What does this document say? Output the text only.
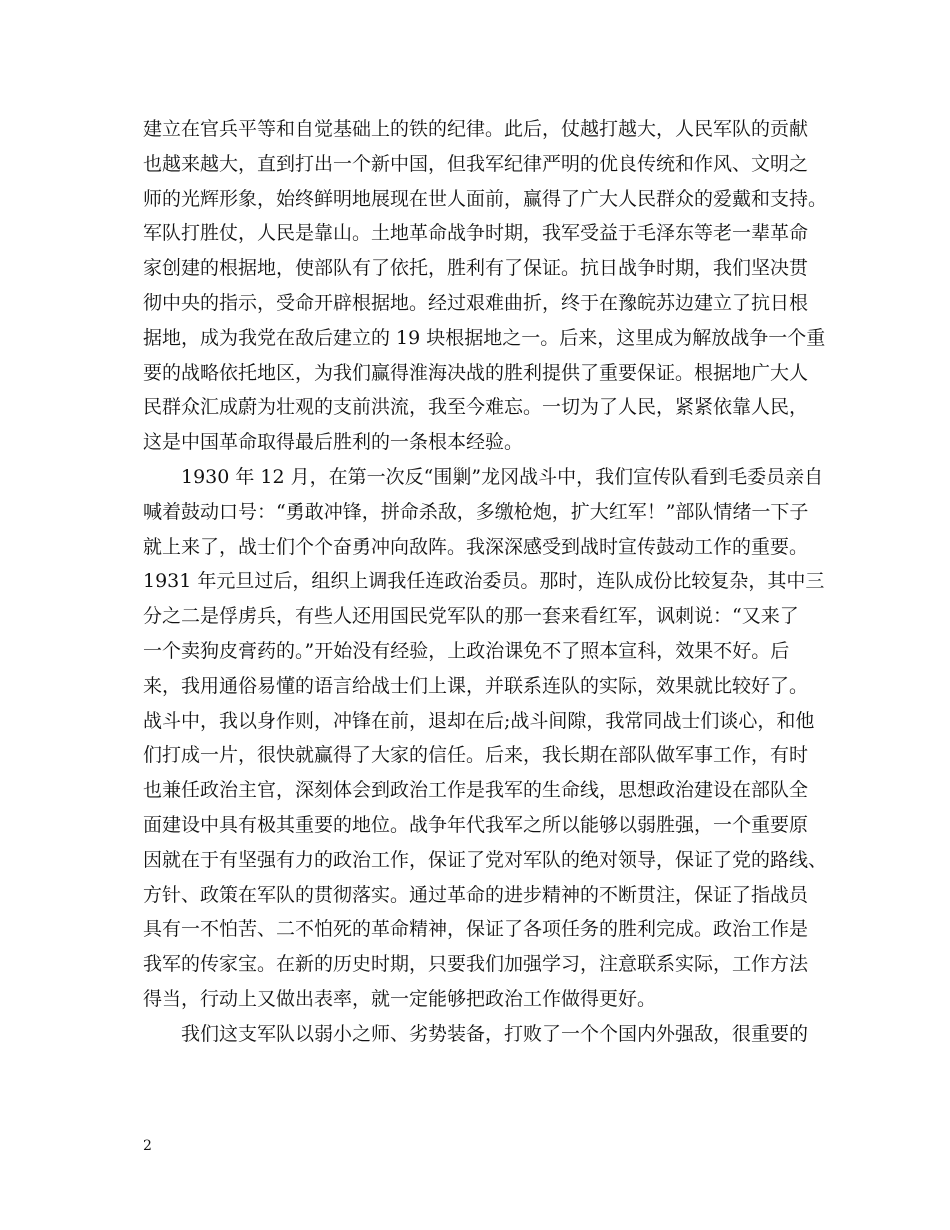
建立在官兵平等和自觉基础上的铁的纪律。此后，仗越打越大，人民军队的贡献
也越来越大，直到打出一个新中国，但我军纪律严明的优良传统和作风、文明之
师的光辉形象，始终鲜明地展现在世人面前，赢得了广大人民群众的爱戴和支持。
军队打胜仗，人民是靠山。土地革命战争时期，我军受益于毛泽东等老一辈革命
家创建的根据地，使部队有了依托，胜利有了保证。抗日战争时期，我们坚决贯
彻中央的指示，受命开辟根据地。经过艰难曲折，终于在豫皖苏边建立了抗日根
据地，成为我党在敌后建立的 19 块根据地之一。后来，这里成为解放战争一个重
要的战略依托地区，为我们赢得淮海决战的胜利提供了重要保证。根据地广大人
民群众汇成蔚为壮观的支前洪流，我至今难忘。一切为了人民，紧紧依靠人民，
这是中国革命取得最后胜利的一条根本经验。
1930 年 12 月，在第一次反“围剿”龙冈战斗中，我们宣传队看到毛委员亲自
喊着鼓动口号：“勇敢冲锋，拼命杀敌，多缴枪炮，扩大红军！”部队情绪一下子
就上来了，战士们个个奋勇冲向敌阵。我深深感受到战时宣传鼓动工作的重要。
1931 年元旦过后，组织上调我任连政治委员。那时，连队成份比较复杂，其中三
分之二是俘虏兵，有些人还用国民党军队的那一套来看红军，讽刺说：“又来了
一个卖狗皮膏药的。”开始没有经验，上政治课免不了照本宣科，效果不好。后
来，我用通俗易懂的语言给战士们上课，并联系连队的实际，效果就比较好了。
战斗中，我以身作则，冲锋在前，退却在后;战斗间隙，我常同战士们谈心，和他
们打成一片，很快就赢得了大家的信任。后来，我长期在部队做军事工作，有时
也兼任政治主官，深刻体会到政治工作是我军的生命线，思想政治建设在部队全
面建设中具有极其重要的地位。战争年代我军之所以能够以弱胜强，一个重要原
因就在于有坚强有力的政治工作，保证了党对军队的绝对领导，保证了党的路线、
方针、政策在军队的贯彻落实。通过革命的进步精神的不断贯注，保证了指战员
具有一不怕苦、二不怕死的革命精神，保证了各项任务的胜利完成。政治工作是
我军的传家宝。在新的历史时期，只要我们加强学习，注意联系实际，工作方法
得当，行动上又做出表率，就一定能够把政治工作做得更好。
我们这支军队以弱小之师、劣势装备，打败了一个个国内外强敌，很重要的
2
